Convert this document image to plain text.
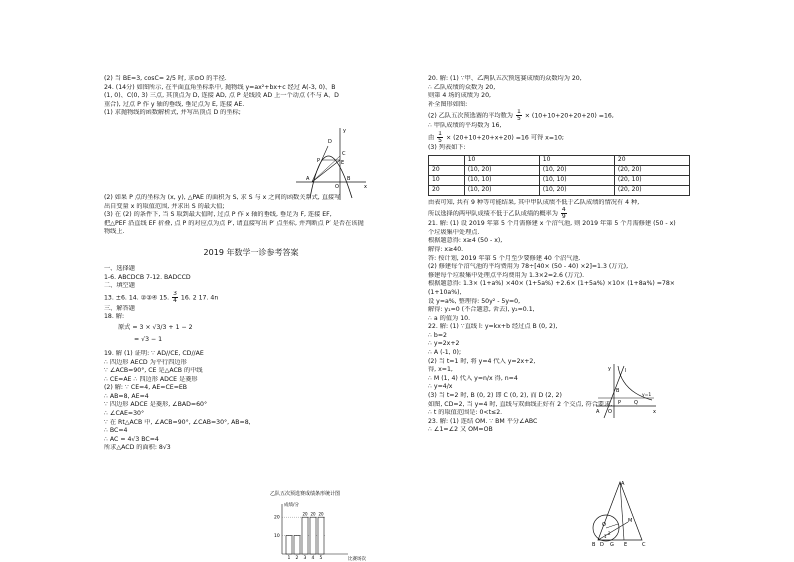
(2) 当 BE=3, cosC= 2/5 时, 求⊙O 的半径.
24. (14分) 如图所示, 在平面直角坐标系中, 抛物线 y=ax²+bx+c 经过 A(-3, 0)、B
(1, 0)、C(0, 3) 三点, 其顶点为 D, 连接 AD, 点 P 是线段 AD 上一个动点 (不与 A、D
重合), 过点 P 作 y 轴的垂线, 垂足点为 E, 连接 AE.
(1) 求抛物线的函数解析式, 并写出顶点 D 的坐标;
(2) 如果 P 点的坐标为 (x, y), △PAE 的面积为 S, 求 S 与 x 之间的函数关系式, 直接写
出自变量 x 的取值范围, 并求出 S 的最大值;
(3) 在 (2) 的条件下, 当 S 取到最大值时, 过点 P 作 x 轴的垂线, 垂足为 F, 连接 EF,
把△PEF 沿直线 EF 折叠, 点 P 的对应点为点 P′, 请直接写出 P′ 点坐标, 并判断点 P′ 是否在该抛
物线上.
2019 年数学一诊参考答案
一、选择题
1-6. ABCDCB 7-12. BADCCD
二、填空题
13. ±6. 14. ②③④ 15. $\frac{3}{4} 16$. 2 17. 4n
三、解答题
18. 解:
原式 = 3 × √3/3 + 1 − 2
= √3 − 1
19. 解 (1) 证明: ∵ AD//CE, CD//AE
∴ 四边形 AECD 为平行四边形
∵ ∠ACB=90°, CE 是△ACB 的中线
∴ CE=AE ∴ 四边形 ADCE 是菱形
(2) 解: ∵ CE=4, AE=CE=EB
∴ AB=8, AE=4
∵ 四边形 ADCE 是菱形, ∠BAD=60°
∴ ∠CAE=30°
∵ 在 Rt△ACB 中, ∠ACB=90°, ∠CAB=30°, AB=8,
∴ BC=4
∴ AC = 4√3 BC=4
所求△ACD 的面积: 8√3
A	B
C
D
E
P
O	x
y
乙队五次预选赛成绩条形统计图
成绩/分
10
20
1 2
20
3
20
4
20
5	比赛场次
20. 解: (1) ∵甲、乙两队五次预选赛成绩的众数均为 20,
∴ 乙队成绩的众数为 20,
则第 4 场的成绩为 20,
补全图形如图:
(2) 乙队五次预选赛的平均数为 $\frac{1}{5} \times (10+10+20+20+20) =16$,
∴ 甲队成绩的平均数为 16,
由 $\frac{1}{5} \times (20+10+20+x+20) =16$ 可得 x=10;
(3) 列表如下:
	10	10	20
20	(10, 20)	(10, 20)	(20, 20)
10	(10, 10)	(10, 10)	(20, 10)
20	(10, 20)	(10, 20)	(20, 20)
由表可知, 共有 9 种等可能结果, 其中甲队成绩不低于乙队成绩的情况有 4 种,
所以选择的两甲队成绩不低于乙队成绩的概率为 $\frac{4}{9}$
21. 解: (1) 设 2019 年第 5 个月需修建 x 个沼气池, 则 2019 年第 5 个月需修建 (50 - x)
个垃圾集中处理点.
根据题意得: x≥4 (50 - x),
解得: x≥40.
答: 按计划, 2019 年第 5 个月至少要修建 40 个沼气池.
(2) 修建每个沼气池的平均费用为 78÷[40× (50 - 40) ×2]=1.3 (万元),
修建每个垃圾集中处理点平均费用为 1.3×2=2.6 (万元).
根据题意得: 1.3× (1+a%) ×40× (1+5a%) +2.6× (1+5a%) ×10× (1+8a%) =78×
(1+10a%),
设 y=a%, 整理得: 50y² - 5y=0,
解得: y₁=0 (不合题意, 舍去), y₂=0.1,
∴ a 的值为 10.
22. 解: (1) ∵直线 l: y=kx+b 经过点 B (0, 2),
∴ b=2
∴ y=2x+2
∴ A (-1, 0);
(2) 当 t=1 时, 将 y=4 代入 y=2x+2,
得, x=1,
∴ M (1, 4) 代入 y=n/x 得, n=4
∴ y=4/x
(3) 当 t=2 时, B (0, 2) 即 C (0, 2), 而 D (2, 2)
如图, CD=2, 当 y=4 时, 直线与双曲线正好有 2 个交点, 符合要求,
∴ t 的取值范围是: 0<t≤2.
23. 解: (1) 连结 OM. ∵ BM 平分∠ABC
∴ ∠1=∠2 又 OM=OB
A O
P	Q
x
y
B
l
y=1
A
B	C
D	E
G
O
M
1
2
